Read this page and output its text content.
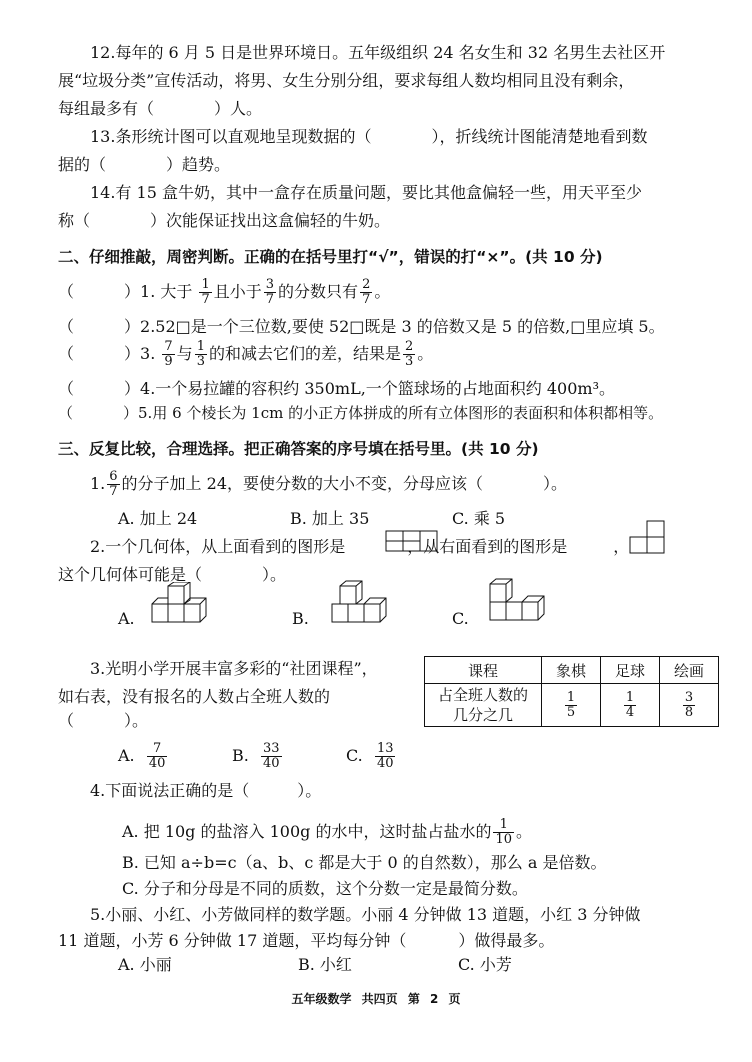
12.每年的 6 月 5 日是世界环境日。五年级组织 24 名女生和 32 名男生去社区开
展“垃圾分类”宣传活动，将男、女生分别分组，要求每组人数均相同且没有剩余，
每组最多有（	）人。
13.条形统计图可以直观地呈现数据的（	），折线统计图能清楚地看到数
据的（	）趋势。
14.有 15 盒牛奶，其中一盒存在质量问题，要比其他盒偏轻一些，用天平至少
称（	）次能保证找出这盒偏轻的牛奶。
二、仔细推敲，周密判断。正确的在括号里打“√”，错误的打“×”。(共 10 分)
（	）1. 大于 $\frac{1}{7}$ 且小于 $\frac{3}{7}$ 的分数只有 $\frac{2}{7}$ 。
（	）2.52□是一个三位数,要使 52□既是 3 的倍数又是 5 的倍数,□里应填 5。
（	）3. $\frac{7}{9}$ 与 $\frac{1}{3}$ 的和减去它们的差，结果是 $\frac{2}{3}$ 。
（	）4.一个易拉罐的容积约 350mL,一个篮球场的占地面积约 400m³。
（	）5.用 6 个棱长为 1cm 的小正方体拼成的所有立体图形的表面积和体积都相等。
三、反复比较，合理选择。把正确答案的序号填在括号里。(共 10 分)
1. $\frac{6}{7}$ 的分子加上 24，要使分数的大小不变，分母应该（	）。
A. 加上 24	B. 加上 35	C. 乘 5
2.一个几何体，从上面看到的图形是	，从右面看到的图形是	，
这个几何体可能是（	）。
A.	B.	C.
3.光明小学开展丰富多彩的“社团课程”，
如右表，没有报名的人数占全班人数的
（	）。
课程	象棋	足球	绘画
占全班人数的
几分之几	$\frac{1}{5}$	$\frac{1}{4}$	$\frac{3}{8}$
A. $\frac{7}{40}$	B. $\frac{33}{40}$	C. $\frac{13}{40}$
4.下面说法正确的是（	）。
A. 把 10g 的盐溶入 100g 的水中，这时盐占盐水的 $\frac{1}{10}$ 。
B. 已知 a÷b=c（a、b、c 都是大于 0 的自然数），那么 a 是倍数。
C. 分子和分母是不同的质数，这个分数一定是最简分数。
5.小丽、小红、小芳做同样的数学题。小丽 4 分钟做 13 道题，小红 3 分钟做
11 道题，小芳 6 分钟做 17 道题，平均每分钟（	）做得最多。
A. 小丽	B. 小红	C. 小芳
五年级数学 共四页 第 2 页
